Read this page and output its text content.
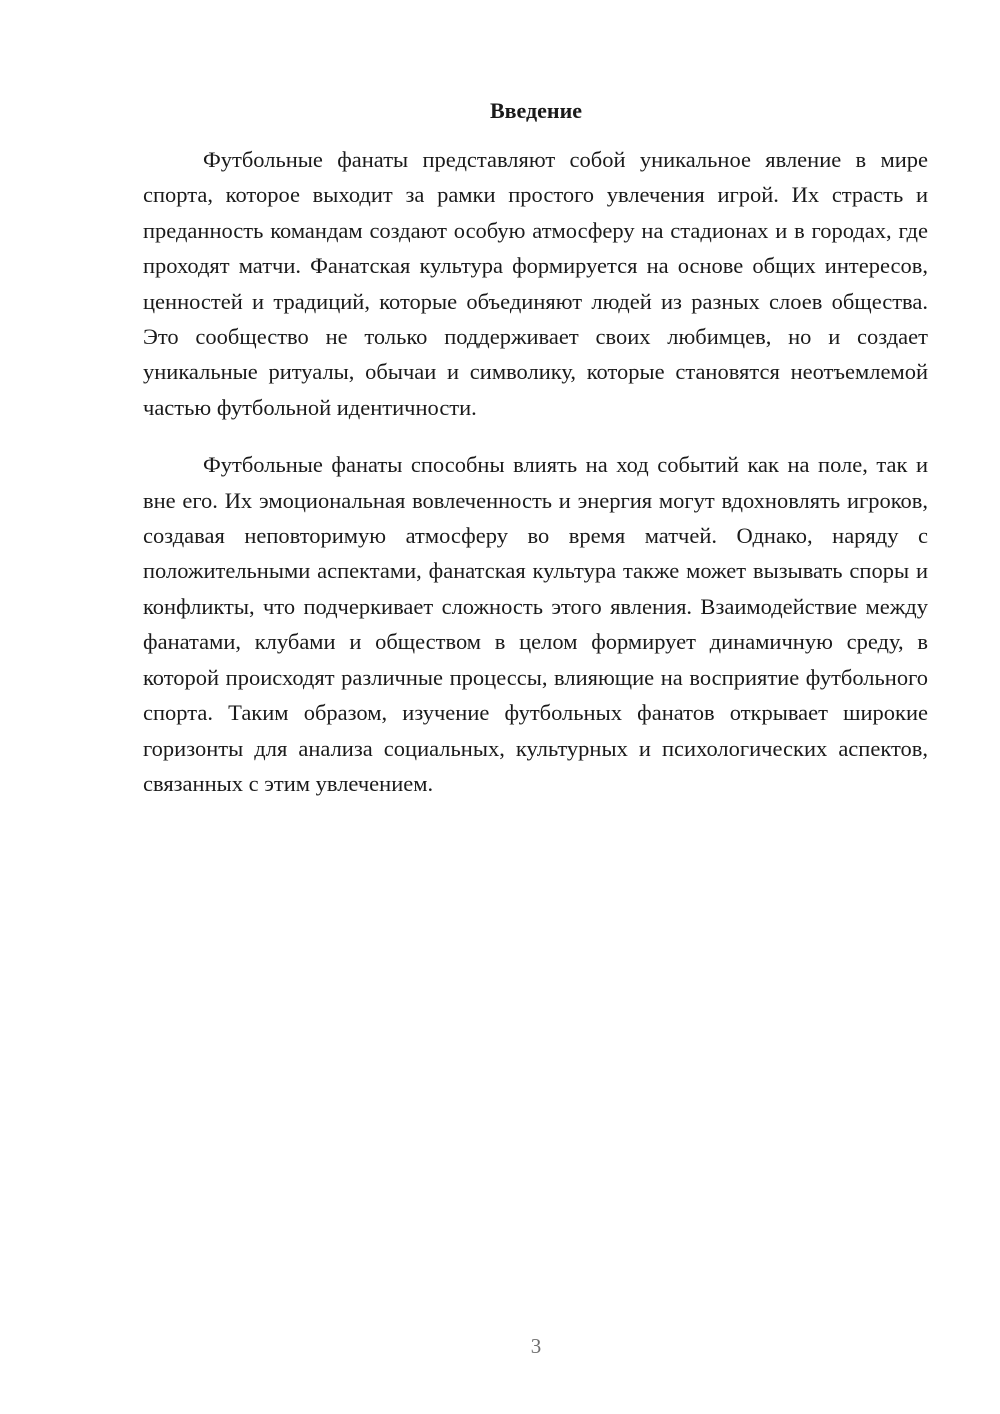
Введение

Футбольные фанаты представляют собой уникальное явление в мире спорта, которое выходит за рамки простого увлечения игрой. Их страсть и преданность командам создают особую атмосферу на стадионах и в городах, где проходят матчи. Фанатская культура формируется на основе общих интересов, ценностей и традиций, которые объединяют людей из разных слоев общества. Это сообщество не только поддерживает своих любимцев, но и создает уникальные ритуалы, обычаи и символику, которые становятся неотъемлемой частью футбольной идентичности.

Футбольные фанаты способны влиять на ход событий как на поле, так и вне его. Их эмоциональная вовлеченность и энергия могут вдохновлять игроков, создавая неповторимую атмосферу во время матчей. Однако, наряду с положительными аспектами, фанатская культура также может вызывать споры и конфликты, что подчеркивает сложность этого явления. Взаимодействие между фанатами, клубами и обществом в целом формирует динамичную среду, в которой происходят различные процессы, влияющие на восприятие футбольного спорта. Таким образом, изучение футбольных фанатов открывает широкие горизонты для анализа социальных, культурных и психологических аспектов, связанных с этим увлечением.

3
